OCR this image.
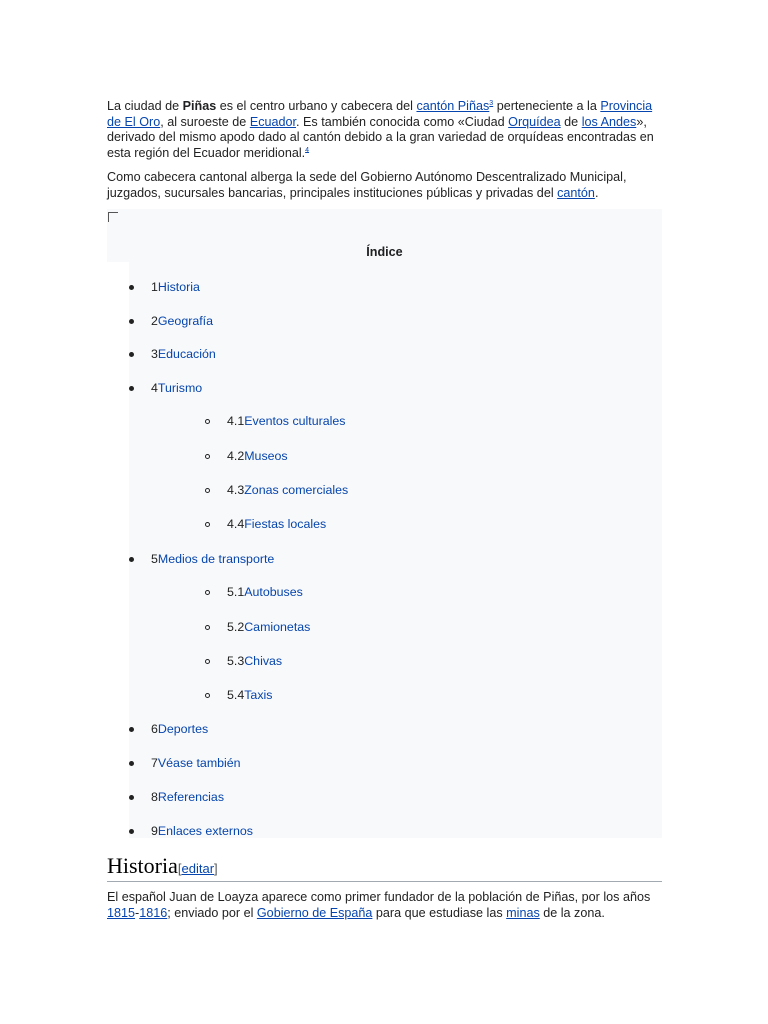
La ciudad de Piñas es el centro urbano y cabecera del cantón Piñas$^3$ perteneciente a la Provincia de El Oro, al suroeste de Ecuador. Es también conocida como «Ciudad Orquídea de los Andes», derivado del mismo apodo dado al cantón debido a la gran variedad de orquídeas encontradas en esta región del Ecuador meridional.$^4$

Como cabecera cantonal alberga la sede del Gobierno Autónomo Descentralizado Municipal, juzgados, sucursales bancarias, principales instituciones públicas y privadas del cantón.

Índice
1Historia
2Geografía
3Educación
4Turismo
4.1Eventos culturales
4.2Museos
4.3Zonas comerciales
4.4Fiestas locales
5Medios de transporte
5.1Autobuses
5.2Camionetas
5.3Chivas
5.4Taxis
6Deportes
7Véase también
8Referencias
9Enlaces externos
Historia[editar]

El español Juan de Loayza aparece como primer fundador de la población de Piñas, por los años 1815-1816; enviado por el Gobierno de España para que estudiase las minas de la zona.
